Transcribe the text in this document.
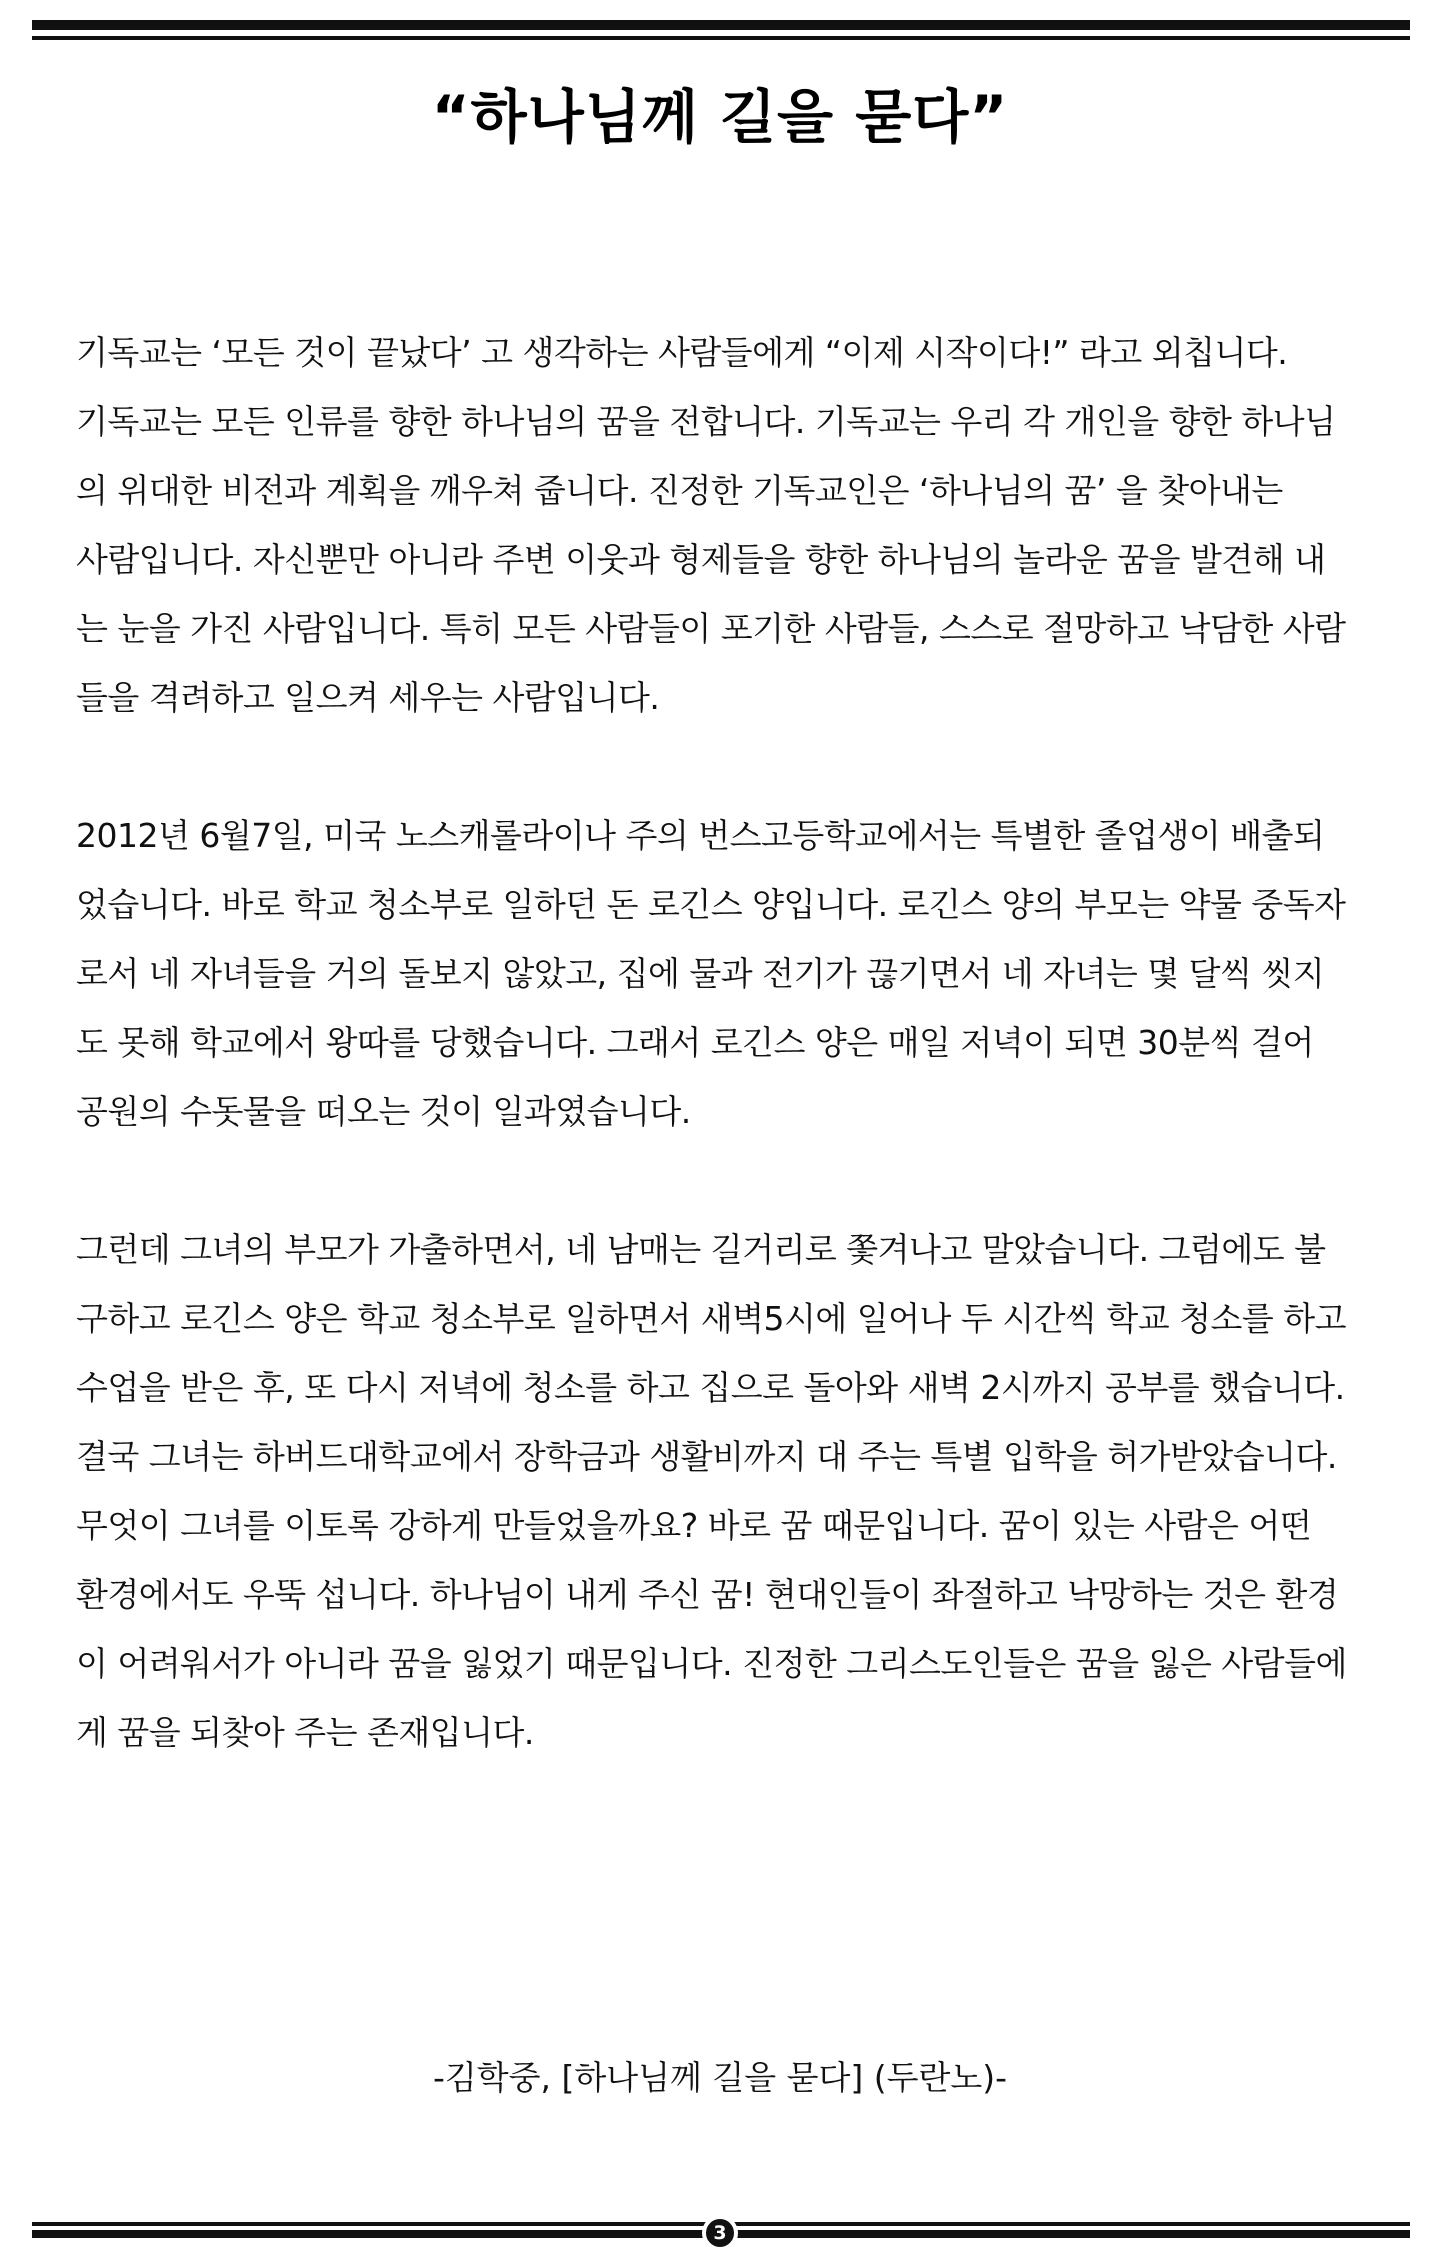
“하나님께 길을 묻다”

기독교는 ‘모든 것이 끝났다’ 고 생각하는 사람들에게 “이제 시작이다!” 라고 외칩니다.
기독교는 모든 인류를 향한 하나님의 꿈을 전합니다. 기독교는 우리 각 개인을 향한 하나님
의 위대한 비전과 계획을 깨우쳐 줍니다. 진정한 기독교인은 ‘하나님의 꿈’ 을 찾아내는
사람입니다. 자신뿐만 아니라 주변 이웃과 형제들을 향한 하나님의 놀라운 꿈을 발견해 내
는 눈을 가진 사람입니다. 특히 모든 사람들이 포기한 사람들, 스스로 절망하고 낙담한 사람
들을 격려하고 일으켜 세우는 사람입니다.

2012년 6월7일, 미국 노스캐롤라이나 주의 번스고등학교에서는 특별한 졸업생이 배출되
었습니다. 바로 학교 청소부로 일하던 돈 로긴스 양입니다. 로긴스 양의 부모는 약물 중독자
로서 네 자녀들을 거의 돌보지 않았고, 집에 물과 전기가 끊기면서 네 자녀는 몇 달씩 씻지
도 못해 학교에서 왕따를 당했습니다. 그래서 로긴스 양은 매일 저녁이 되면 30분씩 걸어
공원의 수돗물을 떠오는 것이 일과였습니다.

그런데 그녀의 부모가 가출하면서, 네 남매는 길거리로 쫓겨나고 말았습니다. 그럼에도 불
구하고 로긴스 양은 학교 청소부로 일하면서 새벽5시에 일어나 두 시간씩 학교 청소를 하고
수업을 받은 후, 또 다시 저녁에 청소를 하고 집으로 돌아와 새벽 2시까지 공부를 했습니다.
결국 그녀는 하버드대학교에서 장학금과 생활비까지 대 주는 특별 입학을 허가받았습니다.
무엇이 그녀를 이토록 강하게 만들었을까요? 바로 꿈 때문입니다. 꿈이 있는 사람은 어떤
환경에서도 우뚝 섭니다. 하나님이 내게 주신 꿈! 현대인들이 좌절하고 낙망하는 것은 환경
이 어려워서가 아니라 꿈을 잃었기 때문입니다. 진정한 그리스도인들은 꿈을 잃은 사람들에
게 꿈을 되찾아 주는 존재입니다.

-김학중, [하나님께 길을 묻다] (두란노)-
3
